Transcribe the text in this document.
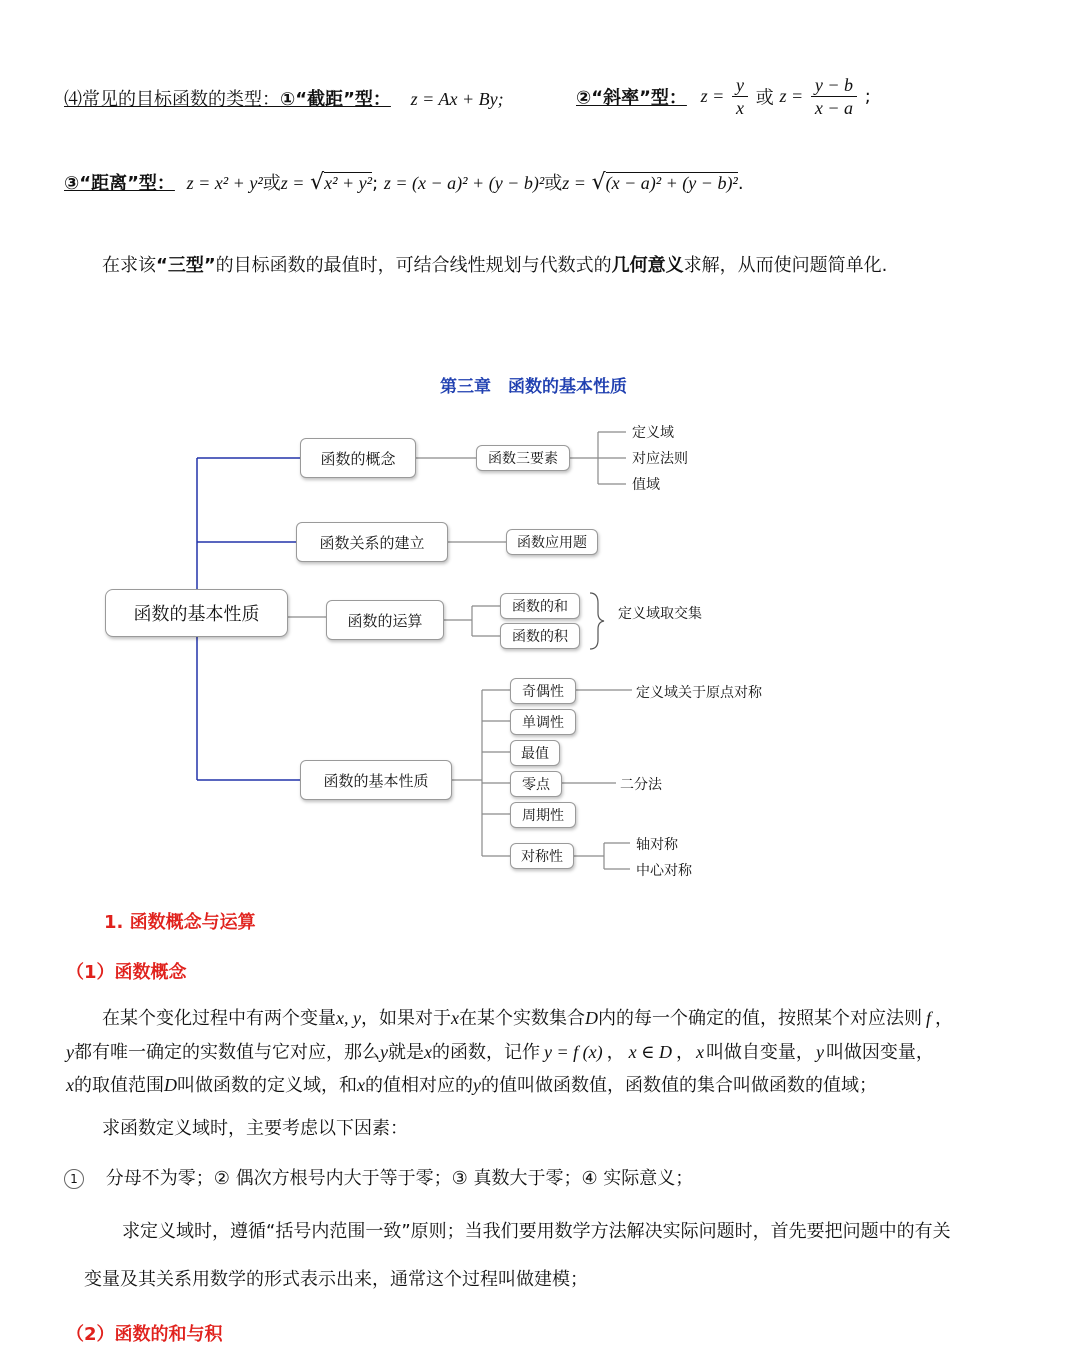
⑷常见的目标函数的类型：①“截距”型： z = Ax + By;	②“斜率”型： $z = \frac{y}{x}$ 或 $z = \frac{y - b}{x - a}$ ;
③“距离”型： z = x² + y²或z = √x² + y²; z = (x − a)² + (y − b)²或z = √(x − a)² + (y − b)².
在求该“三型”的目标函数的最值时，可结合线性规划与代数式的几何意义求解，从而使问题简单化.
第三章　函数的基本性质
函数的基本性质
函数的概念	函数三要素
定义域
对应法则
值域
函数关系的建立	函数应用题
函数的运算
函数的和
函数的积
定义域取交集
函数的基本性质
奇偶性	定义域关于原点对称
单调性
最值
零点	二分法
周期性
对称性
轴对称
中心对称
1. 函数概念与运算
（1）函数概念
在某个变化过程中有两个变量x, y，如果对于x在某个实数集合D内的每一个确定的值，按照某个对应法则 f ，
y都有唯一确定的实数值与它对应，那么y就是x的函数，记作 y = f (x) ， x ∈ D ， x 叫做自变量， y 叫做因变量，
x的取值范围D叫做函数的定义域，和x的值相对应的y的值叫做函数值，函数值的集合叫做函数的值域；
求函数定义域时，主要考虑以下因素：
1 分母不为零；② 偶次方根号内大于等于零；③ 真数大于零；④ 实际意义；
求定义域时，遵循“括号内范围一致”原则；当我们要用数学方法解决实际问题时，首先要把问题中的有关
变量及其关系用数学的形式表示出来，通常这个过程叫做建模；
（2）函数的和与积
